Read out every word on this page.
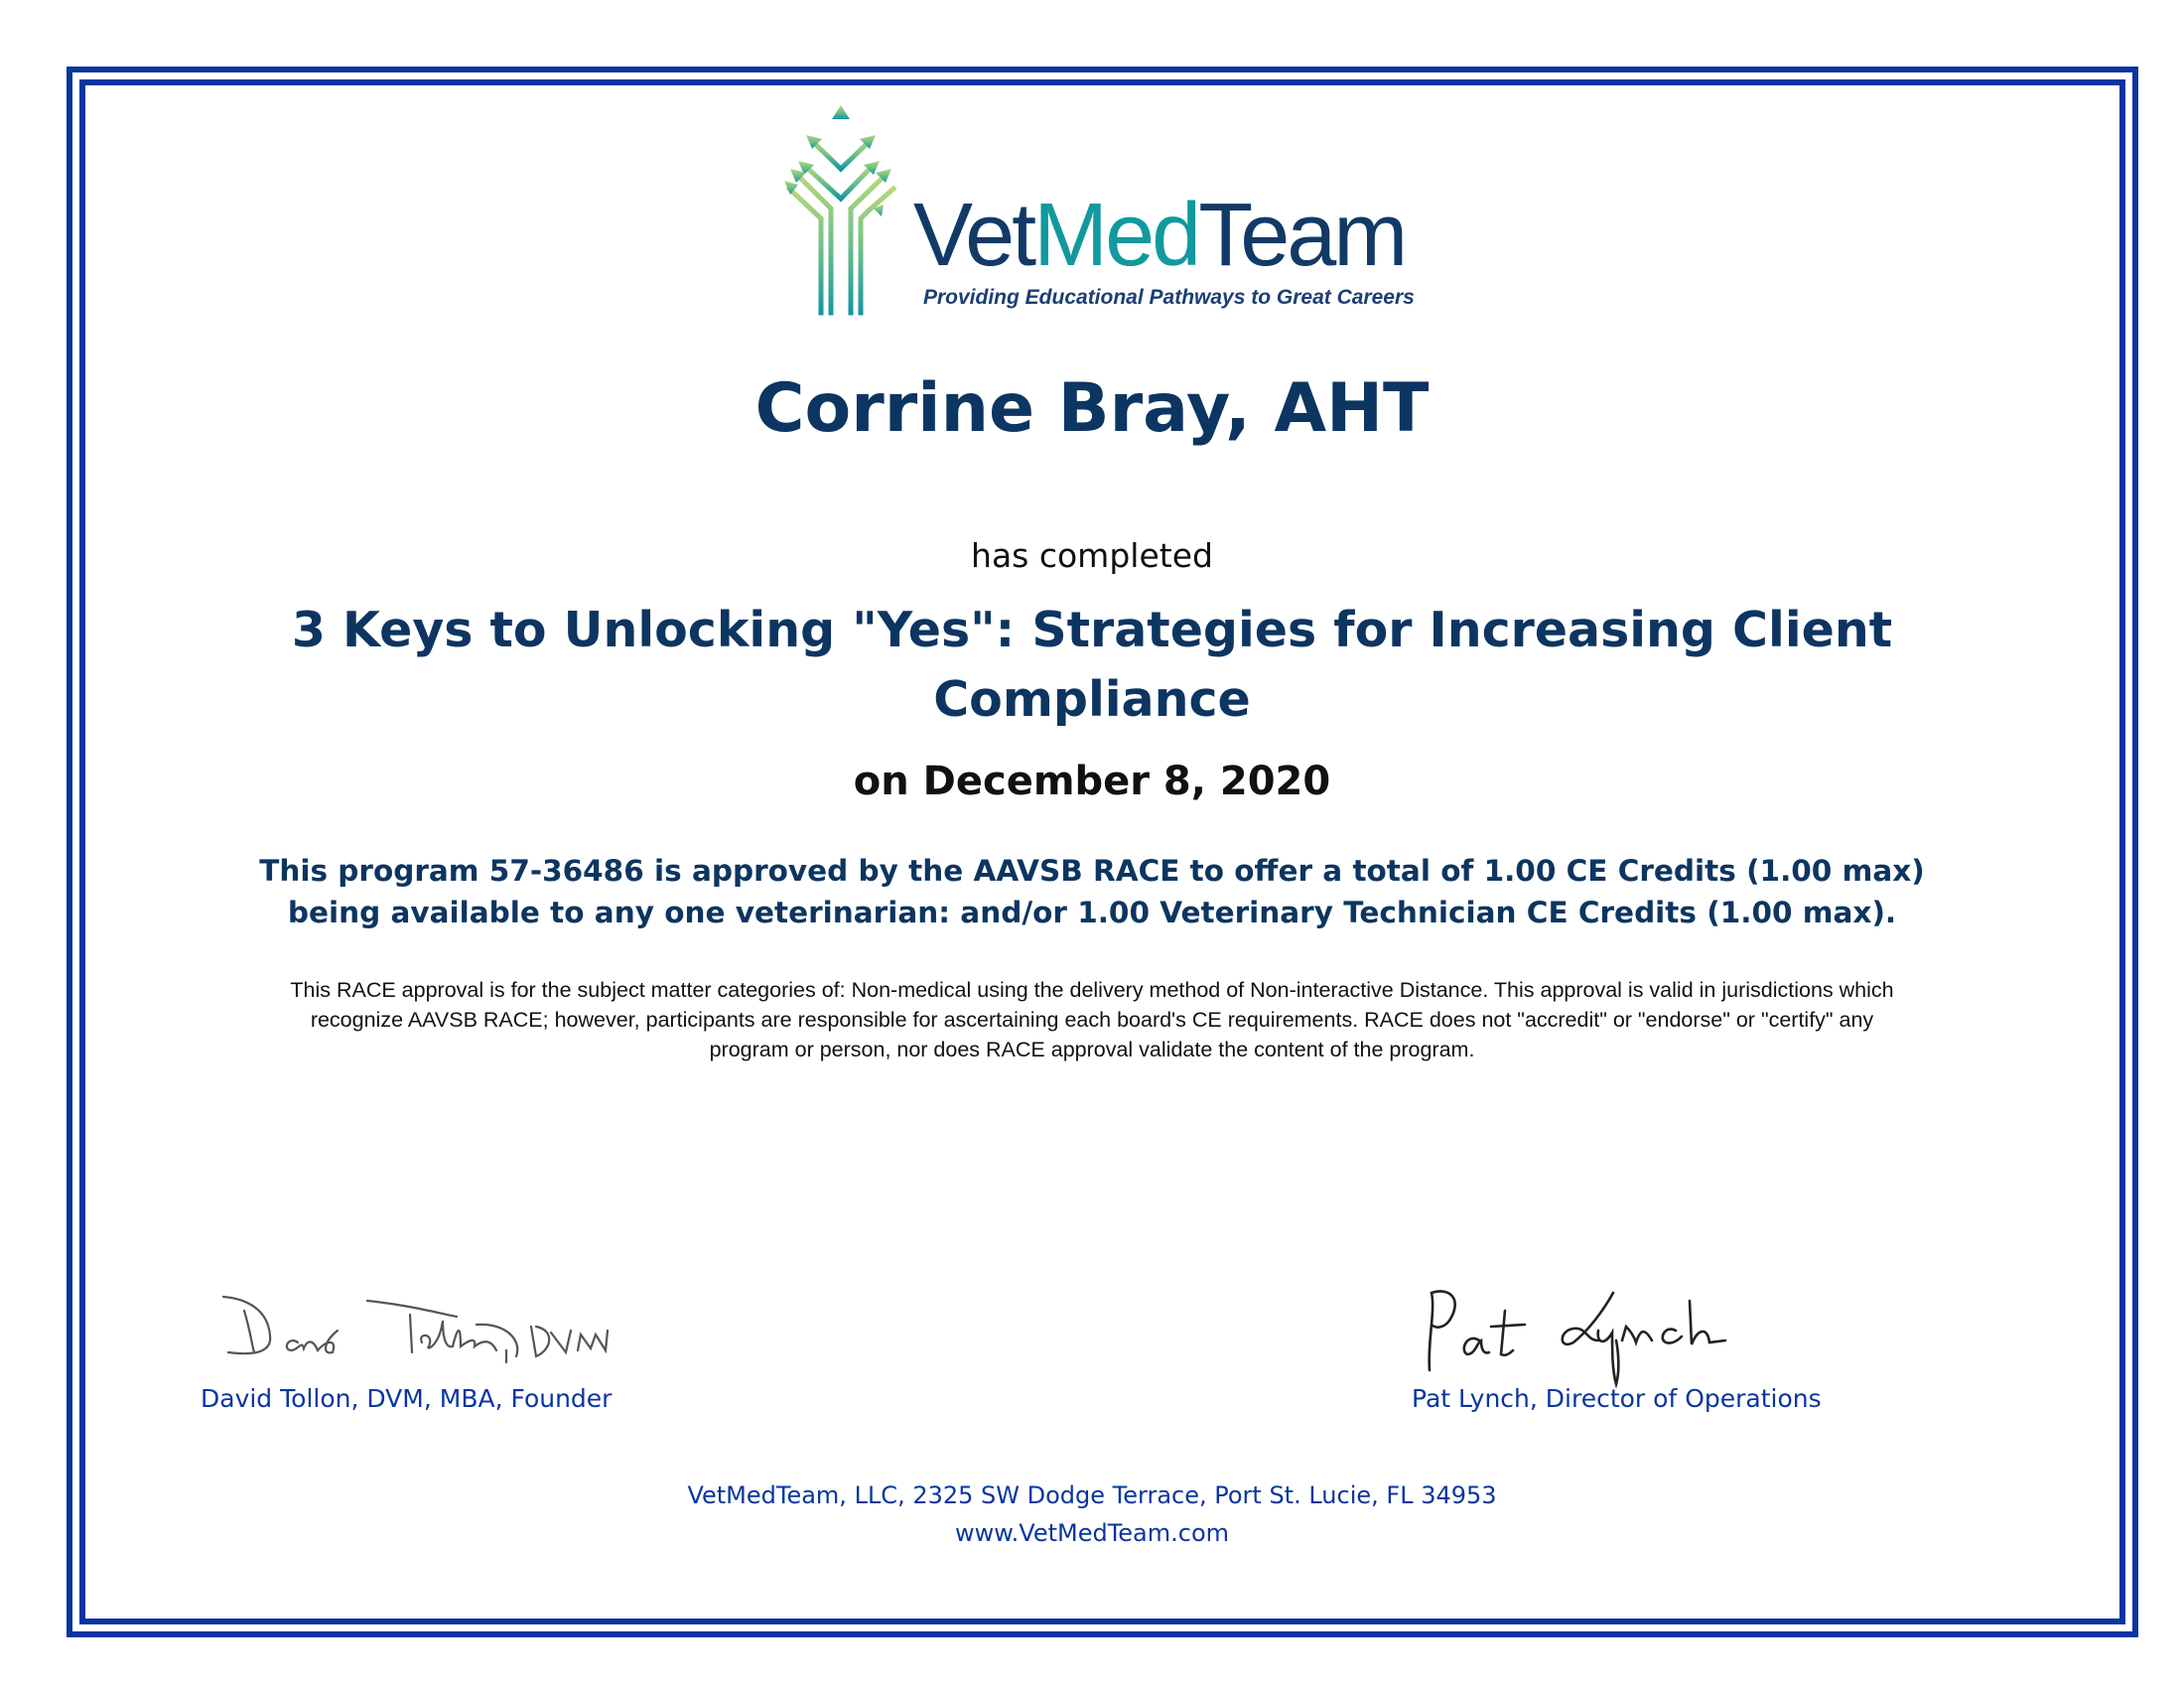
VetMedTeam
Providing Educational Pathways to Great Careers
Corrine Bray, AHT
has completed
3 Keys to Unlocking "Yes": Strategies for Increasing Client Compliance
on December 8, 2020
This program 57-36486 is approved by the AAVSB RACE to offer a total of 1.00 CE Credits (1.00 max)
being available to any one veterinarian: and/or 1.00 Veterinary Technician CE Credits (1.00 max).
This RACE approval is for the subject matter categories of: Non-medical using the delivery method of Non-interactive Distance. This approval is valid in jurisdictions which
recognize AAVSB RACE; however, participants are responsible for ascertaining each board's CE requirements. RACE does not "accredit" or "endorse" or "certify" any
program or person, nor does RACE approval validate the content of the program.
David Tollon, DVM, MBA, Founder	Pat Lynch, Director of Operations
VetMedTeam, LLC, 2325 SW Dodge Terrace, Port St. Lucie, FL 34953
www.VetMedTeam.com
